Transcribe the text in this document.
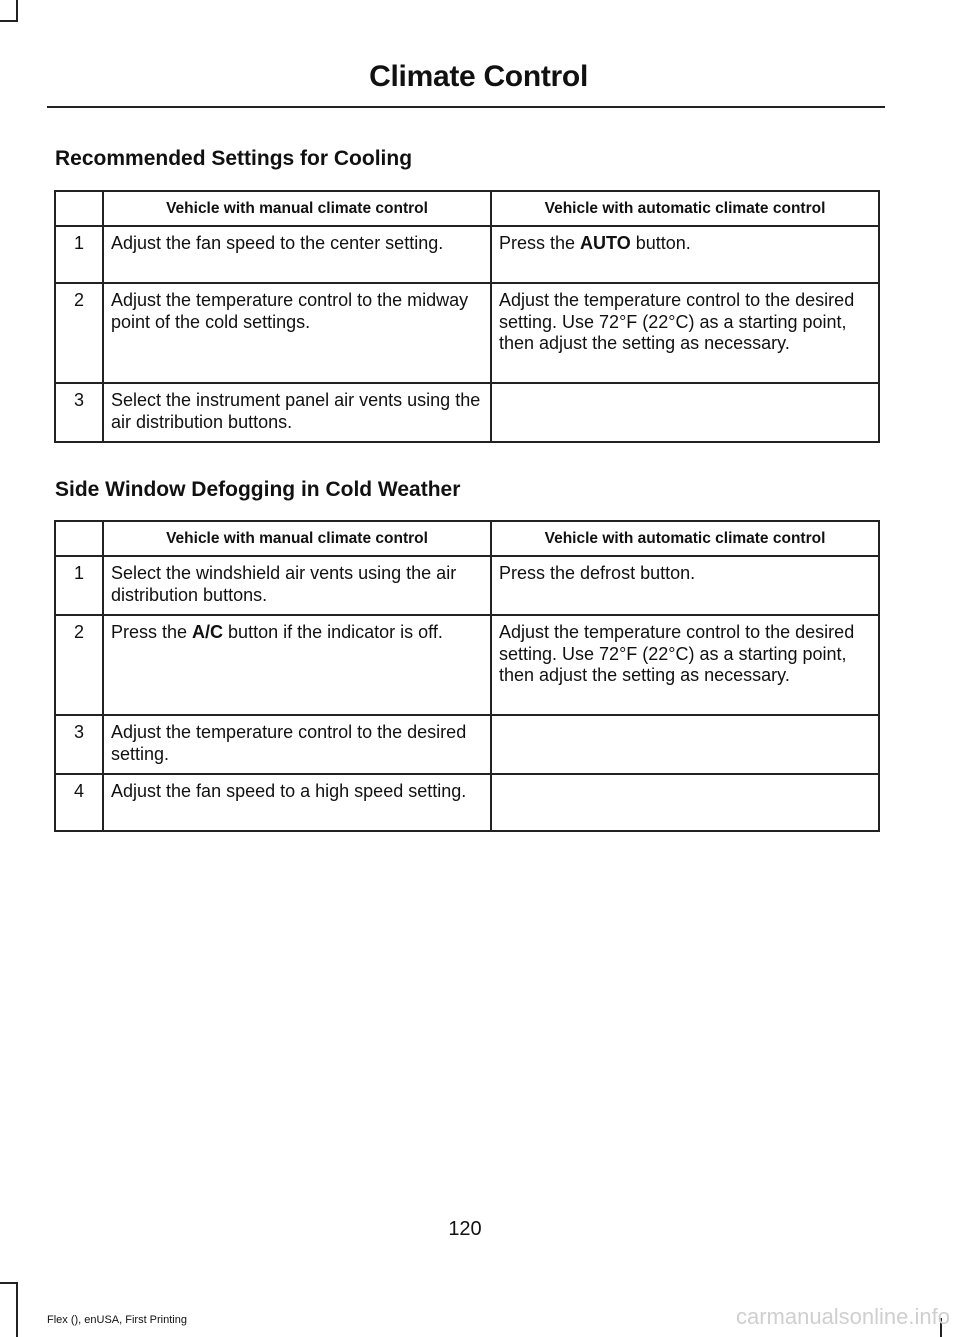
Climate Control
Recommended Settings for Cooling
	Vehicle with manual climate control	Vehicle with automatic climate control
1	Adjust the fan speed to the center setting.	Press the AUTO button.
2	Adjust the temperature control to the midway point of the cold settings.	Adjust the temperature control to the desired setting. Use 72°F (22°C) as a starting point, then adjust the setting as necessary.
3	Select the instrument panel air vents using the air distribution buttons.	
Side Window Defogging in Cold Weather
	Vehicle with manual climate control	Vehicle with automatic climate control
1	Select the windshield air vents using the air distribution buttons.	Press the defrost button.
2	Press the A/C button if the indicator is off.	Adjust the temperature control to the desired setting. Use 72°F (22°C) as a starting point, then adjust the setting as necessary.
3	Adjust the temperature control to the desired setting.	
4	Adjust the fan speed to a high speed setting.	
120
Flex (), enUSA, First Printing	carmanualsonline.info
